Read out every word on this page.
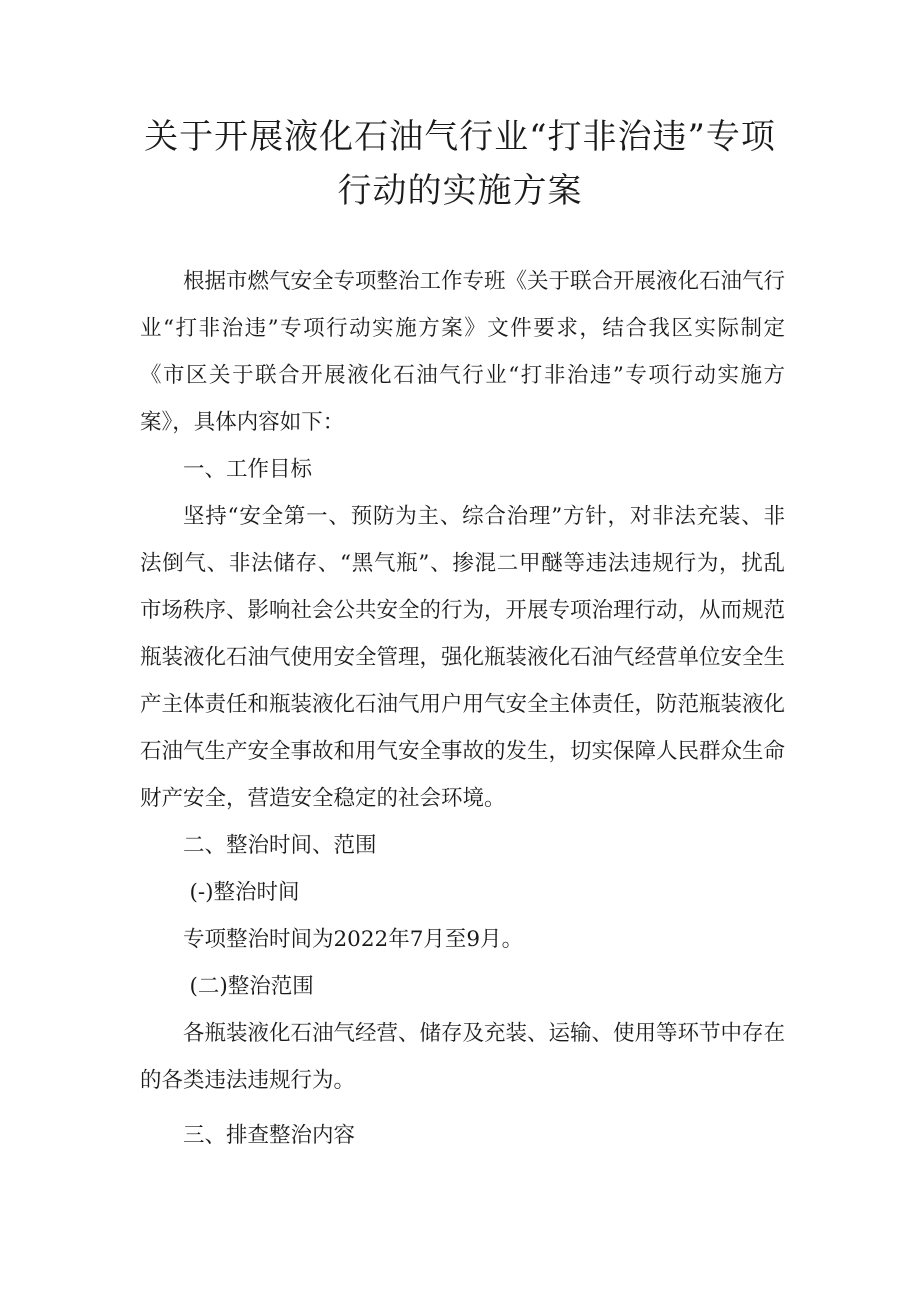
关于开展液化石油气行业“打非治违”专项
行动的实施方案

根据市燃气安全专项整治工作专班《关于联合开展液化石油气行业“打非治违”专项行动实施方案》文件要求，结合我区实际制定《市区关于联合开展液化石油气行业“打非治违”专项行动实施方案》，具体内容如下：

一、工作目标

坚持“安全第一、预防为主、综合治理”方针，对非法充装、非法倒气、非法储存、“黑气瓶”、掺混二甲醚等违法违规行为，扰乱市场秩序、影响社会公共安全的行为，开展专项治理行动，从而规范瓶装液化石油气使用安全管理，强化瓶装液化石油气经营单位安全生产主体责任和瓶装液化石油气用户用气安全主体责任，防范瓶装液化石油气生产安全事故和用气安全事故的发生，切实保障人民群众生命财产安全，营造安全稳定的社会环境。

二、整治时间、范围

(-)整治时间

专项整治时间为2022年7月至9月。

(二)整治范围

各瓶装液化石油气经营、储存及充装、运输、使用等环节中存在的各类违法违规行为。

三、排查整治内容
